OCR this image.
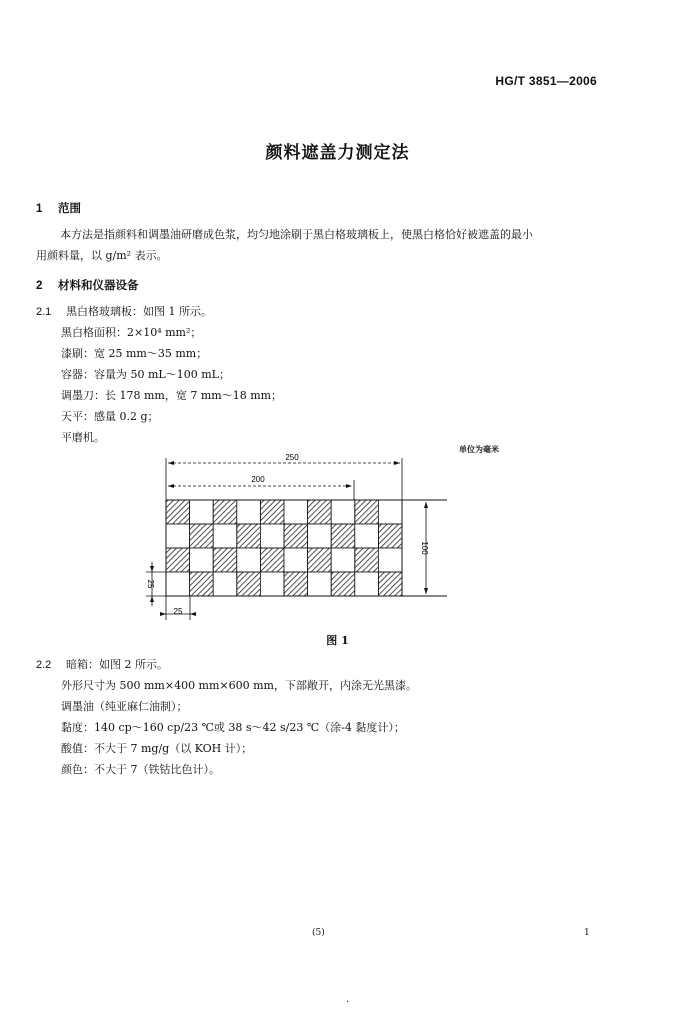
HG/T 3851—2006
颜料遮盖力测定法
1 范围
本方法是指颜料和调墨油研磨成色浆，均匀地涂刷于黑白格玻璃板上，使黑白格恰好被遮盖的最小
用颜料量，以 g/m² 表示。
2 材料和仪器设备
2.1 黑白格玻璃板：如图 1 所示。
黑白格面积：2×10⁴ mm²；
漆刷：宽 25 mm～35 mm；
容器：容量为 50 mL～100 mL；
调墨刀：长 178 mm，宽 7 mm～18 mm；
天平：感量 0.2 g；
平磨机。
单位为毫米
250
200
100
25
25
图 1
2.2 暗箱：如图 2 所示。
外形尺寸为 500 mm×400 mm×600 mm，下部敞开，内涂无光黑漆。
调墨油（纯亚麻仁油制）；
黏度：140 cp～160 cp/23 ℃或 38 s～42 s/23 ℃（涂-4 黏度计）；
酸值：不大于 7 mg/g（以 KOH 计）；
颜色：不大于 7（铁钴比色计）。
(5)	1
.
